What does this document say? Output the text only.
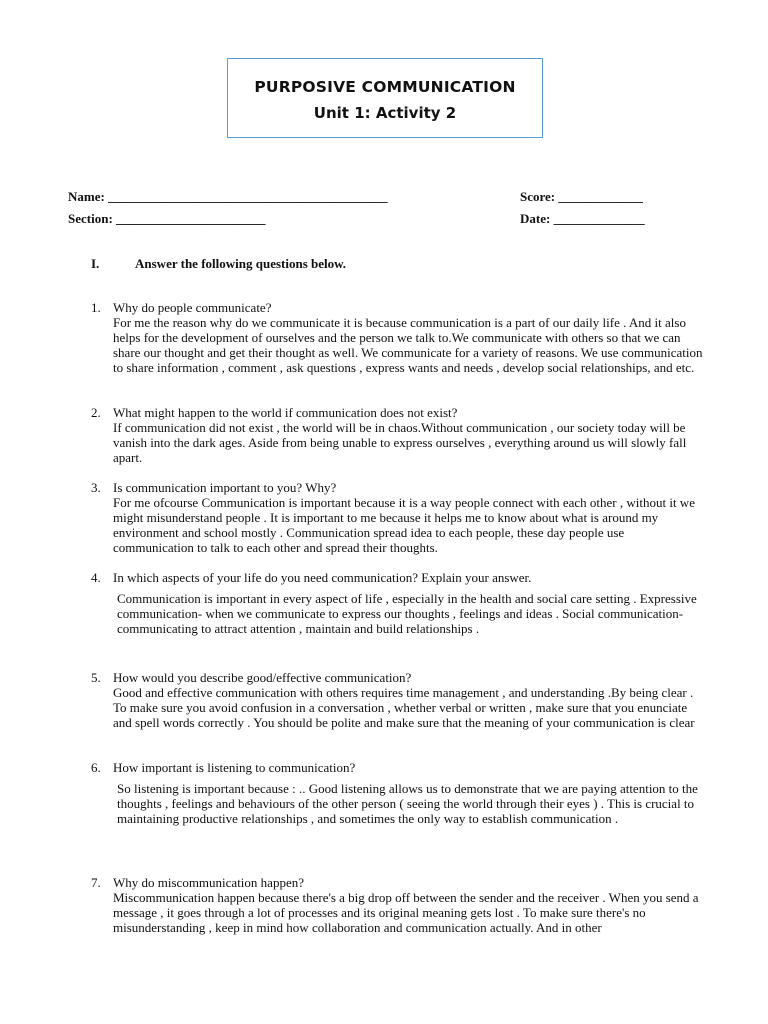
PURPOSIVE COMMUNICATION
Unit 1: Activity 2
Name: ___________________________________________	Score: _____________
Section: _______________________	Date: ______________
I.	Answer the following questions below.
1. Why do people communicate?
For me the reason why do we communicate it is because communication is a part of our daily life . And it also helps for the development of ourselves and the person we talk to.We communicate with others so that we can share our thought and get their thought as well. We communicate for a variety of reasons. We use communication to share information , comment , ask questions , express wants and needs , develop social relationships, and etc.
2. What might happen to the world if communication does not exist?
If communication did not exist , the world will be in chaos.Without communication , our society today will be vanish into the dark ages. Aside from being unable to express ourselves , everything around us will slowly fall apart.
3. Is communication important to you? Why?
For me ofcourse Communication is important because it is a way people connect with each other , without it we might misunderstand people . It is important to me because it helps me to know about what is around my environment and school mostly . Communication spread idea to each people, these day people use communication to talk to each other and spread their thoughts.
4. In which aspects of your life do you need communication? Explain your answer.
Communication is important in every aspect of life , especially in the health and social care setting . Expressive communication- when we communicate to express our thoughts , feelings and ideas . Social communication- communicating to attract attention , maintain and build relationships .
5. How would you describe good/effective communication?
Good and effective communication with others requires time management , and understanding .By being clear . To make sure you avoid confusion in a conversation , whether verbal or written , make sure that you enunciate and spell words correctly . You should be polite and make sure that the meaning of your communication is clear
6. How important is listening to communication?
So listening is important because : .. Good listening allows us to demonstrate that we are paying attention to the thoughts , feelings and behaviours of the other person ( seeing the world through their eyes ) . This is crucial to maintaining productive relationships , and sometimes the only way to establish communication .
7. Why do miscommunication happen?
Miscommunication happen because there's a big drop off between the sender and the receiver . When you send a message , it goes through a lot of processes and its original meaning gets lost . To make sure there's no misunderstanding , keep in mind how collaboration and communication actually. And in other
